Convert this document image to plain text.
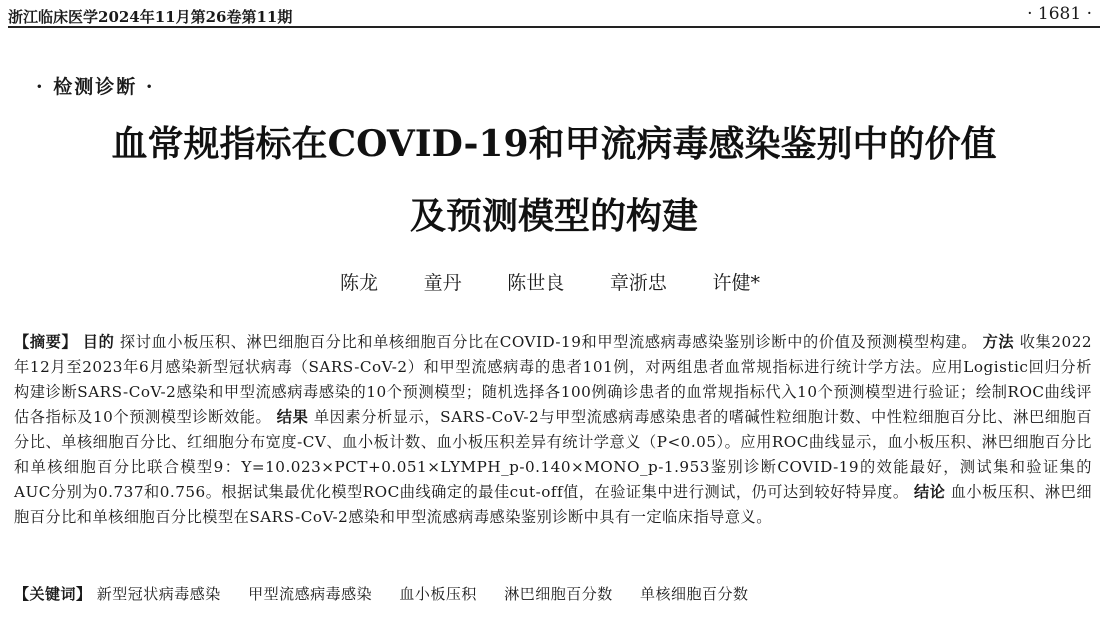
浙江临床医学2024年11月第26卷第11期	· 1681 ·
· 检测诊断 ·
血常规指标在COVID-19和甲流病毒感染鉴别中的价值
及预测模型的构建
陈龙 童丹 陈世良 章浙忠 许健*
【摘要】 目的 探讨血小板压积、淋巴细胞百分比和单核细胞百分比在COVID-19和甲型流感病毒感染鉴别诊断中的价值及预测模型构建。 方法 收集2022年12月至2023年6月感染新型冠状病毒（SARS-CoV-2）和甲型流感病毒的患者101例，对两组患者血常规指标进行统计学方法。应用Logistic回归分析构建诊断SARS-CoV-2感染和甲型流感病毒感染的10个预测模型；随机选择各100例确诊患者的血常规指标代入10个预测模型进行验证；绘制ROC曲线评估各指标及10个预测模型诊断效能。 结果 单因素分析显示，SARS-CoV-2与甲型流感病毒感染患者的嗜碱性粒细胞计数、中性粒细胞百分比、淋巴细胞百分比、单核细胞百分比、红细胞分布宽度-CV、血小板计数、血小板压积差异有统计学意义（P<0.05）。应用ROC曲线显示，血小板压积、淋巴细胞百分比和单核细胞百分比联合模型9：Y=10.023×PCT+0.051×LYMPH_p-0.140×MONO_p-1.953鉴别诊断COVID-19的效能最好，测试集和验证集的AUC分别为0.737和0.756。根据试集最优化模型ROC曲线确定的最佳cut-off值，在验证集中进行测试，仍可达到较好特异度。 结论 血小板压积、淋巴细胞百分比和单核细胞百分比模型在SARS-CoV-2感染和甲型流感病毒感染鉴别诊断中具有一定临床指导意义。
【关键词】 新型冠状病毒感染 甲型流感病毒感染 血小板压积 淋巴细胞百分数 单核细胞百分数
